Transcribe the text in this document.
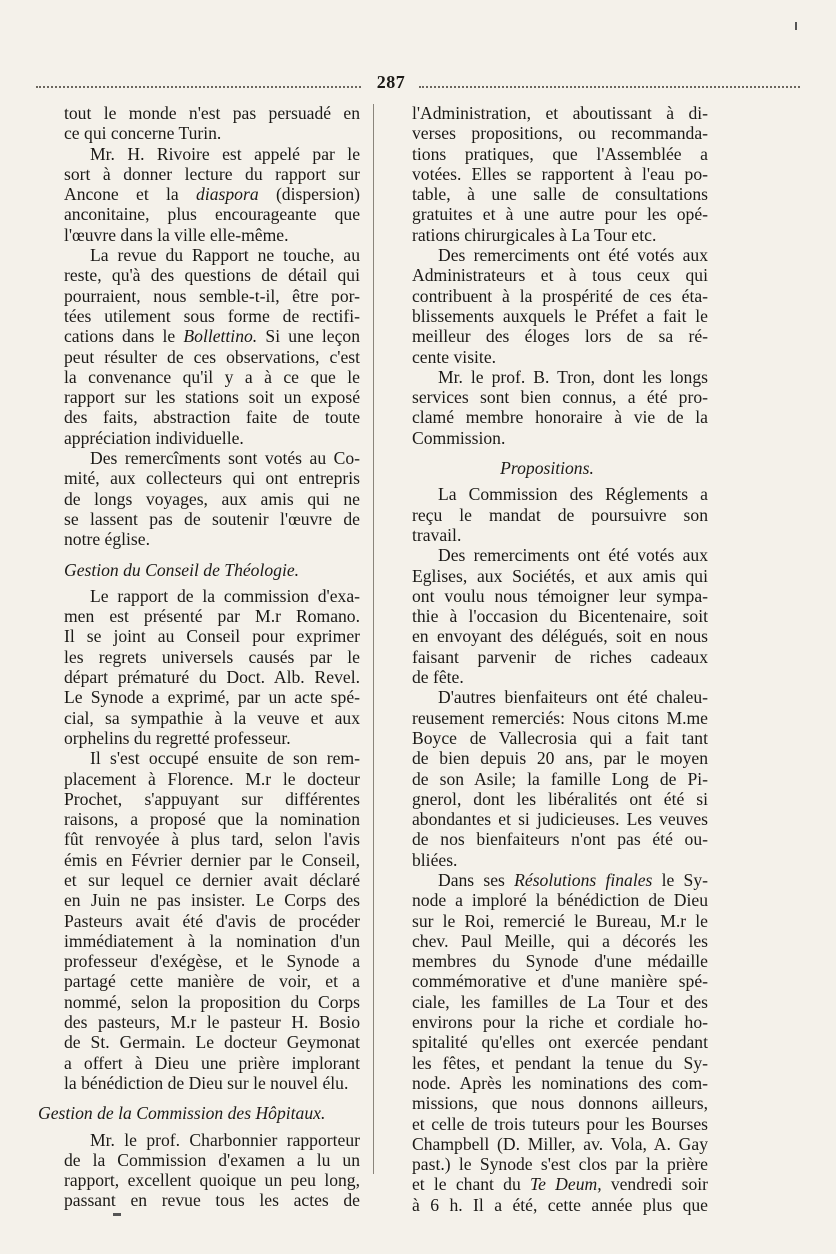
287
tout le monde n'est pas persuadé en
ce qui concerne Turin.
Mr. H. Rivoire est appelé par le
sort à donner lecture du rapport sur
Ancone et la diaspora (dispersion)
anconitaine, plus encourageante que
l'œuvre dans la ville elle-même.
La revue du Rapport ne touche, au
reste, qu'à des questions de détail qui
pourraient, nous semble-t-il, être por-
tées utilement sous forme de rectifi-
cations dans le Bollettino. Si une leçon
peut résulter de ces observations, c'est
la convenance qu'il y a à ce que le
rapport sur les stations soit un exposé
des faits, abstraction faite de toute
appréciation individuelle.
Des remercîments sont votés au Co-
mité, aux collecteurs qui ont entrepris
de longs voyages, aux amis qui ne
se lassent pas de soutenir l'œuvre de
notre église.
Gestion du Conseil de Théologie.
Le rapport de la commission d'exa-
men est présenté par M.r Romano.
Il se joint au Conseil pour exprimer
les regrets universels causés par le
départ prématuré du Doct. Alb. Revel.
Le Synode a exprimé, par un acte spé-
cial, sa sympathie à la veuve et aux
orphelins du regretté professeur.
Il s'est occupé ensuite de son rem-
placement à Florence. M.r le docteur
Prochet, s'appuyant sur différentes
raisons, a proposé que la nomination
fût renvoyée à plus tard, selon l'avis
émis en Février dernier par le Conseil,
et sur lequel ce dernier avait déclaré
en Juin ne pas insister. Le Corps des
Pasteurs avait été d'avis de procéder
immédiatement à la nomination d'un
professeur d'exégèse, et le Synode a
partagé cette manière de voir, et a
nommé, selon la proposition du Corps
des pasteurs, M.r le pasteur H. Bosio
de St. Germain. Le docteur Geymonat
a offert à Dieu une prière implorant
la bénédiction de Dieu sur le nouvel élu.
Gestion de la Commission des Hôpitaux.
Mr. le prof. Charbonnier rapporteur
de la Commission d'examen a lu un
rapport, excellent quoique un peu long,
passant en revue tous les actes de
l'Administration, et aboutissant à di-
verses propositions, ou recommanda-
tions pratiques, que l'Assemblée a
votées. Elles se rapportent à l'eau po-
table, à une salle de consultations
gratuites et à une autre pour les opé-
rations chirurgicales à La Tour etc.
Des remerciments ont été votés aux
Administrateurs et à tous ceux qui
contribuent à la prospérité de ces éta-
blissements auxquels le Préfet a fait le
meilleur des éloges lors de sa ré-
cente visite.
Mr. le prof. B. Tron, dont les longs
services sont bien connus, a été pro-
clamé membre honoraire à vie de la
Commission.
Propositions.
La Commission des Réglements a
reçu le mandat de poursuivre son
travail.
Des remerciments ont été votés aux
Eglises, aux Sociétés, et aux amis qui
ont voulu nous témoigner leur sympa-
thie à l'occasion du Bicentenaire, soit
en envoyant des délégués, soit en nous
faisant parvenir de riches cadeaux
de fête.
D'autres bienfaiteurs ont été chaleu-
reusement remerciés: Nous citons M.me
Boyce de Vallecrosia qui a fait tant
de bien depuis 20 ans, par le moyen
de son Asile; la famille Long de Pi-
gnerol, dont les libéralités ont été si
abondantes et si judicieuses. Les veuves
de nos bienfaiteurs n'ont pas été ou-
bliées.
Dans ses Résolutions finales le Sy-
node a imploré la bénédiction de Dieu
sur le Roi, remercié le Bureau, M.r le
chev. Paul Meille, qui a décorés les
membres du Synode d'une médaille
commémorative et d'une manière spé-
ciale, les familles de La Tour et des
environs pour la riche et cordiale ho-
spitalité qu'elles ont exercée pendant
les fêtes, et pendant la tenue du Sy-
node. Après les nominations des com-
missions, que nous donnons ailleurs,
et celle de trois tuteurs pour les Bourses
Champbell (D. Miller, av. Vola, A. Gay
past.) le Synode s'est clos par la prière
et le chant du Te Deum, vendredi soir
à 6 h. Il a été, cette année plus que
